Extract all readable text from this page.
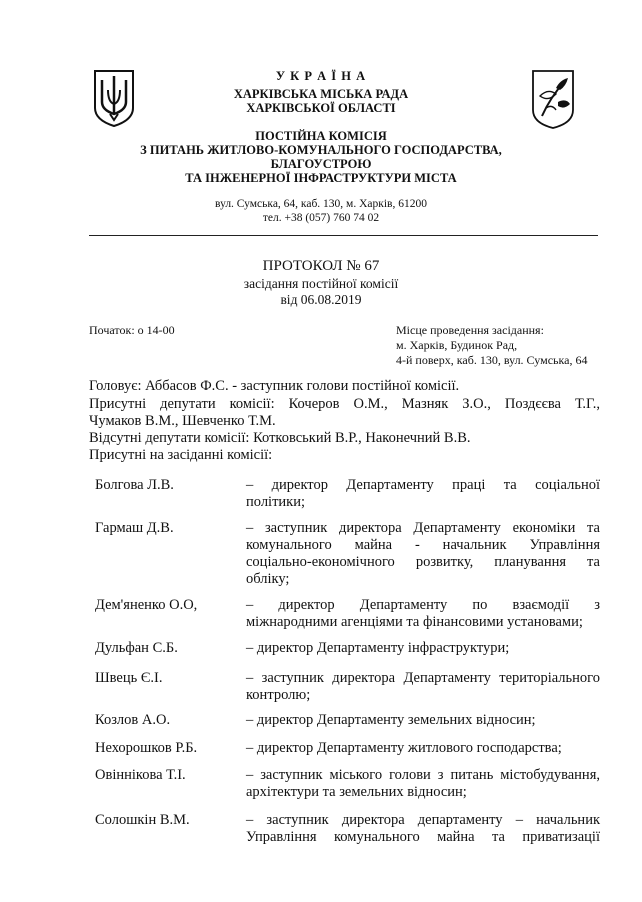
У К Р А Ї Н А
ХАРКІВСЬКА МІСЬКА РАДА
ХАРКІВСЬКОЇ ОБЛАСТІ
ПОСТІЙНА КОМІСІЯ
З ПИТАНЬ ЖИТЛОВО-КОМУНАЛЬНОГО ГОСПОДАРСТВА,
БЛАГОУСТРОЮ
ТА ІНЖЕНЕРНОЇ ІНФРАСТРУКТУРИ МІСТА
вул. Сумська, 64, каб. 130, м. Харків, 61200
тел. +38 (057) 760 74 02
ПРОТОКОЛ № 67
засідання постійної комісії
від 06.08.2019
Початок: о 14-00	Місце проведення засідання:
м. Харків, Будинок Рад,
4-й поверх, каб. 130, вул. Сумська, 64
Головує: Аббасов Ф.С. - заступник голови постійної комісії.
Присутні депутати комісії: Кочеров О.М., Мазняк З.О., Поздєєва Т.Г.,
Чумаков В.М., Шевченко Т.М.
Відсутні депутати комісії: Котковський В.Р., Наконечний В.В.
Присутні на засіданні комісії:
Болгова Л.В.	– директор Департаменту праці та соціальної
політики;
Гармаш Д.В.	– заступник директора Департаменту економіки та
комунального майна - начальник Управління
соціально-економічного розвитку, планування та
обліку;
Дем'яненко О.О,	– директор Департаменту по взаємодії з
міжнародними агенціями та фінансовими установами;
Дульфан С.Б.	– директор Департаменту інфраструктури;
Швець Є.І.	– заступник директора Департаменту територіального
контролю;
Козлов А.О.	– директор Департаменту земельних відносин;
Нехорошков Р.Б.	– директор Департаменту житлового господарства;
Овіннікова Т.І.	– заступник міського голови з питань містобудування,
архітектури та земельних відносин;
Солошкін В.М.	– заступник директора департаменту – начальник
Управління комунального майна та приватизації
